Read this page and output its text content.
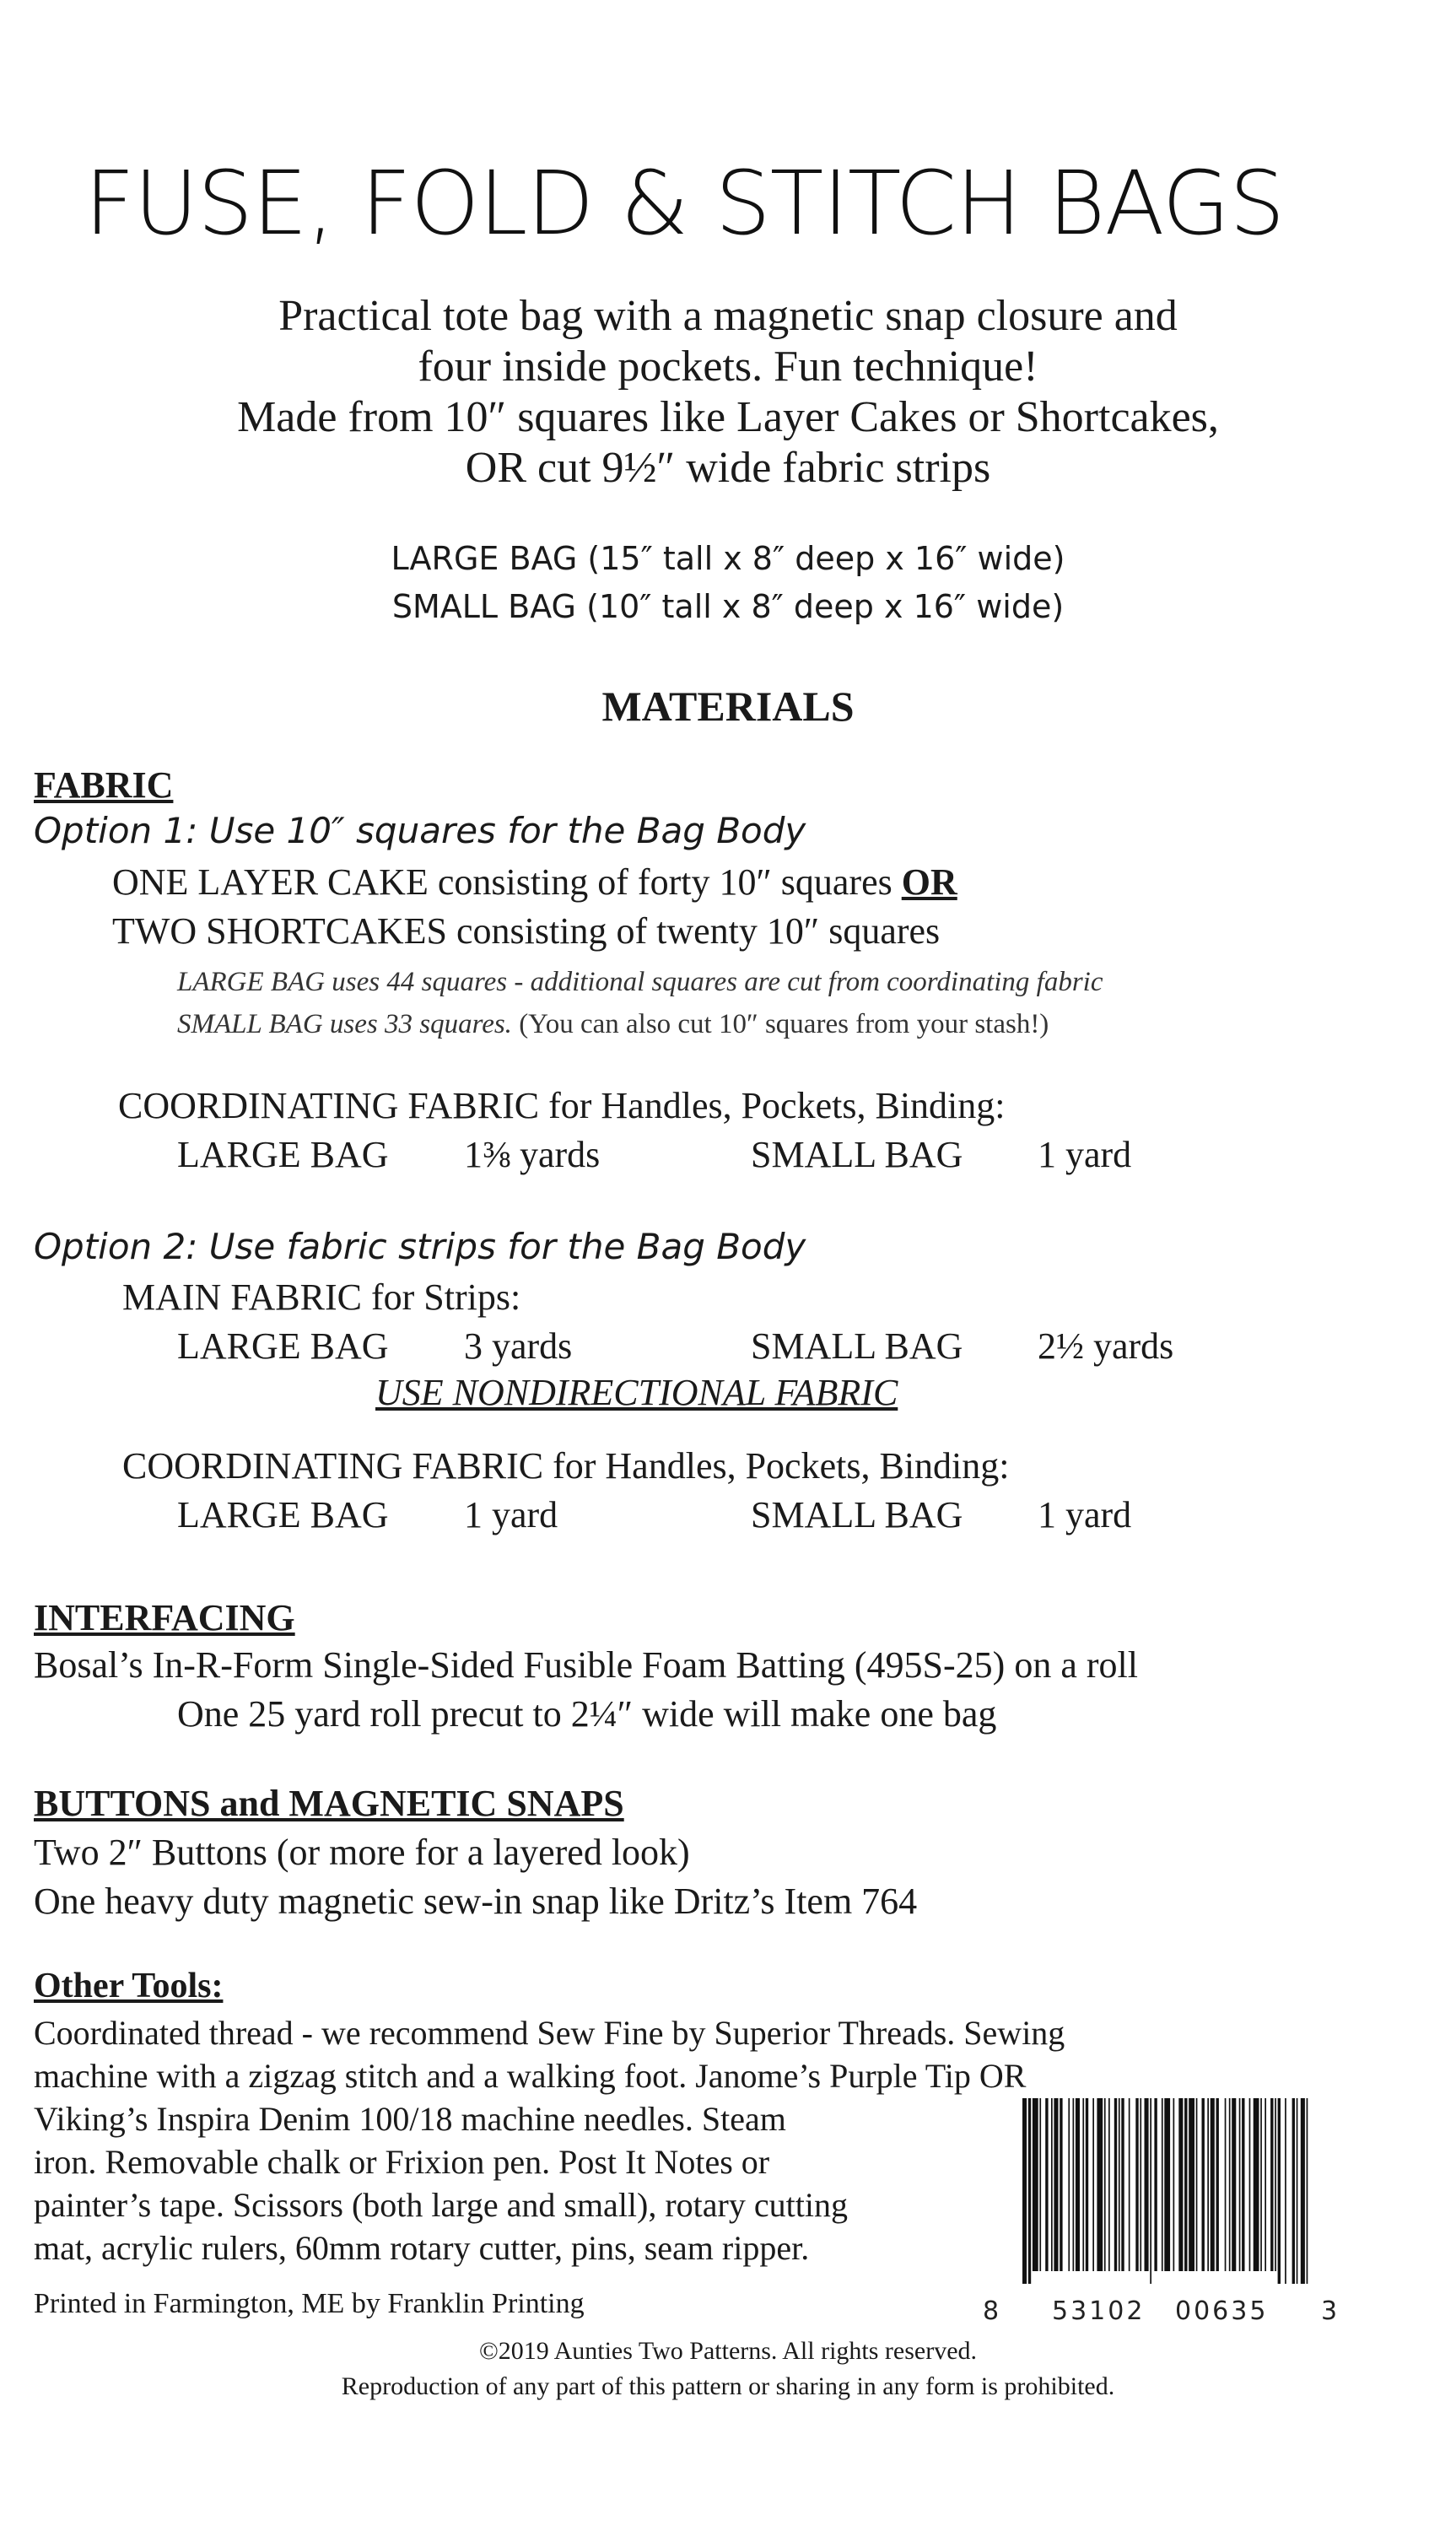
FUSE, FOLD & STITCH BAGS
Practical tote bag with a magnetic snap closure and
four inside pockets. Fun technique!
Made from 10″ squares like Layer Cakes or Shortcakes,
OR cut 9½″ wide fabric strips
LARGE BAG (15″ tall x 8″ deep x 16″ wide)
SMALL BAG (10″ tall x 8″ deep x 16″ wide)
MATERIALS
FABRIC
Option 1: Use 10″ squares for the Bag Body
ONE LAYER CAKE consisting of forty 10″ squares OR
TWO SHORTCAKES consisting of twenty 10″ squares
LARGE BAG uses 44 squares - additional squares are cut from coordinating fabric
SMALL BAG uses 33 squares. (You can also cut 10″ squares from your stash!)
COORDINATING FABRIC for Handles, Pockets, Binding:
LARGE BAG 1⅜ yards	SMALL BAG 1 yard
Option 2: Use fabric strips for the Bag Body
MAIN FABRIC for Strips:
LARGE BAG 3 yards	SMALL BAG 2½ yards
USE NONDIRECTIONAL FABRIC
COORDINATING FABRIC for Handles, Pockets, Binding:
LARGE BAG 1 yard	SMALL BAG 1 yard
INTERFACING
Bosal’s In-R-Form Single-Sided Fusible Foam Batting (495S-25) on a roll
One 25 yard roll precut to 2¼″ wide will make one bag
BUTTONS and MAGNETIC SNAPS
Two 2″ Buttons (or more for a layered look)
One heavy duty magnetic sew-in snap like Dritz’s Item 764
Other Tools:
Coordinated thread - we recommend Sew Fine by Superior Threads. Sewing
machine with a zigzag stitch and a walking foot. Janome’s Purple Tip OR
Viking’s Inspira Denim 100/18 machine needles. Steam
iron. Removable chalk or Frixion pen. Post It Notes or
painter’s tape. Scissors (both large and small), rotary cutting
mat, acrylic rulers, 60mm rotary cutter, pins, seam ripper.
8 53102 00635 3
Printed in Farmington, ME by Franklin Printing
©2019 Aunties Two Patterns. All rights reserved.
Reproduction of any part of this pattern or sharing in any form is prohibited.
